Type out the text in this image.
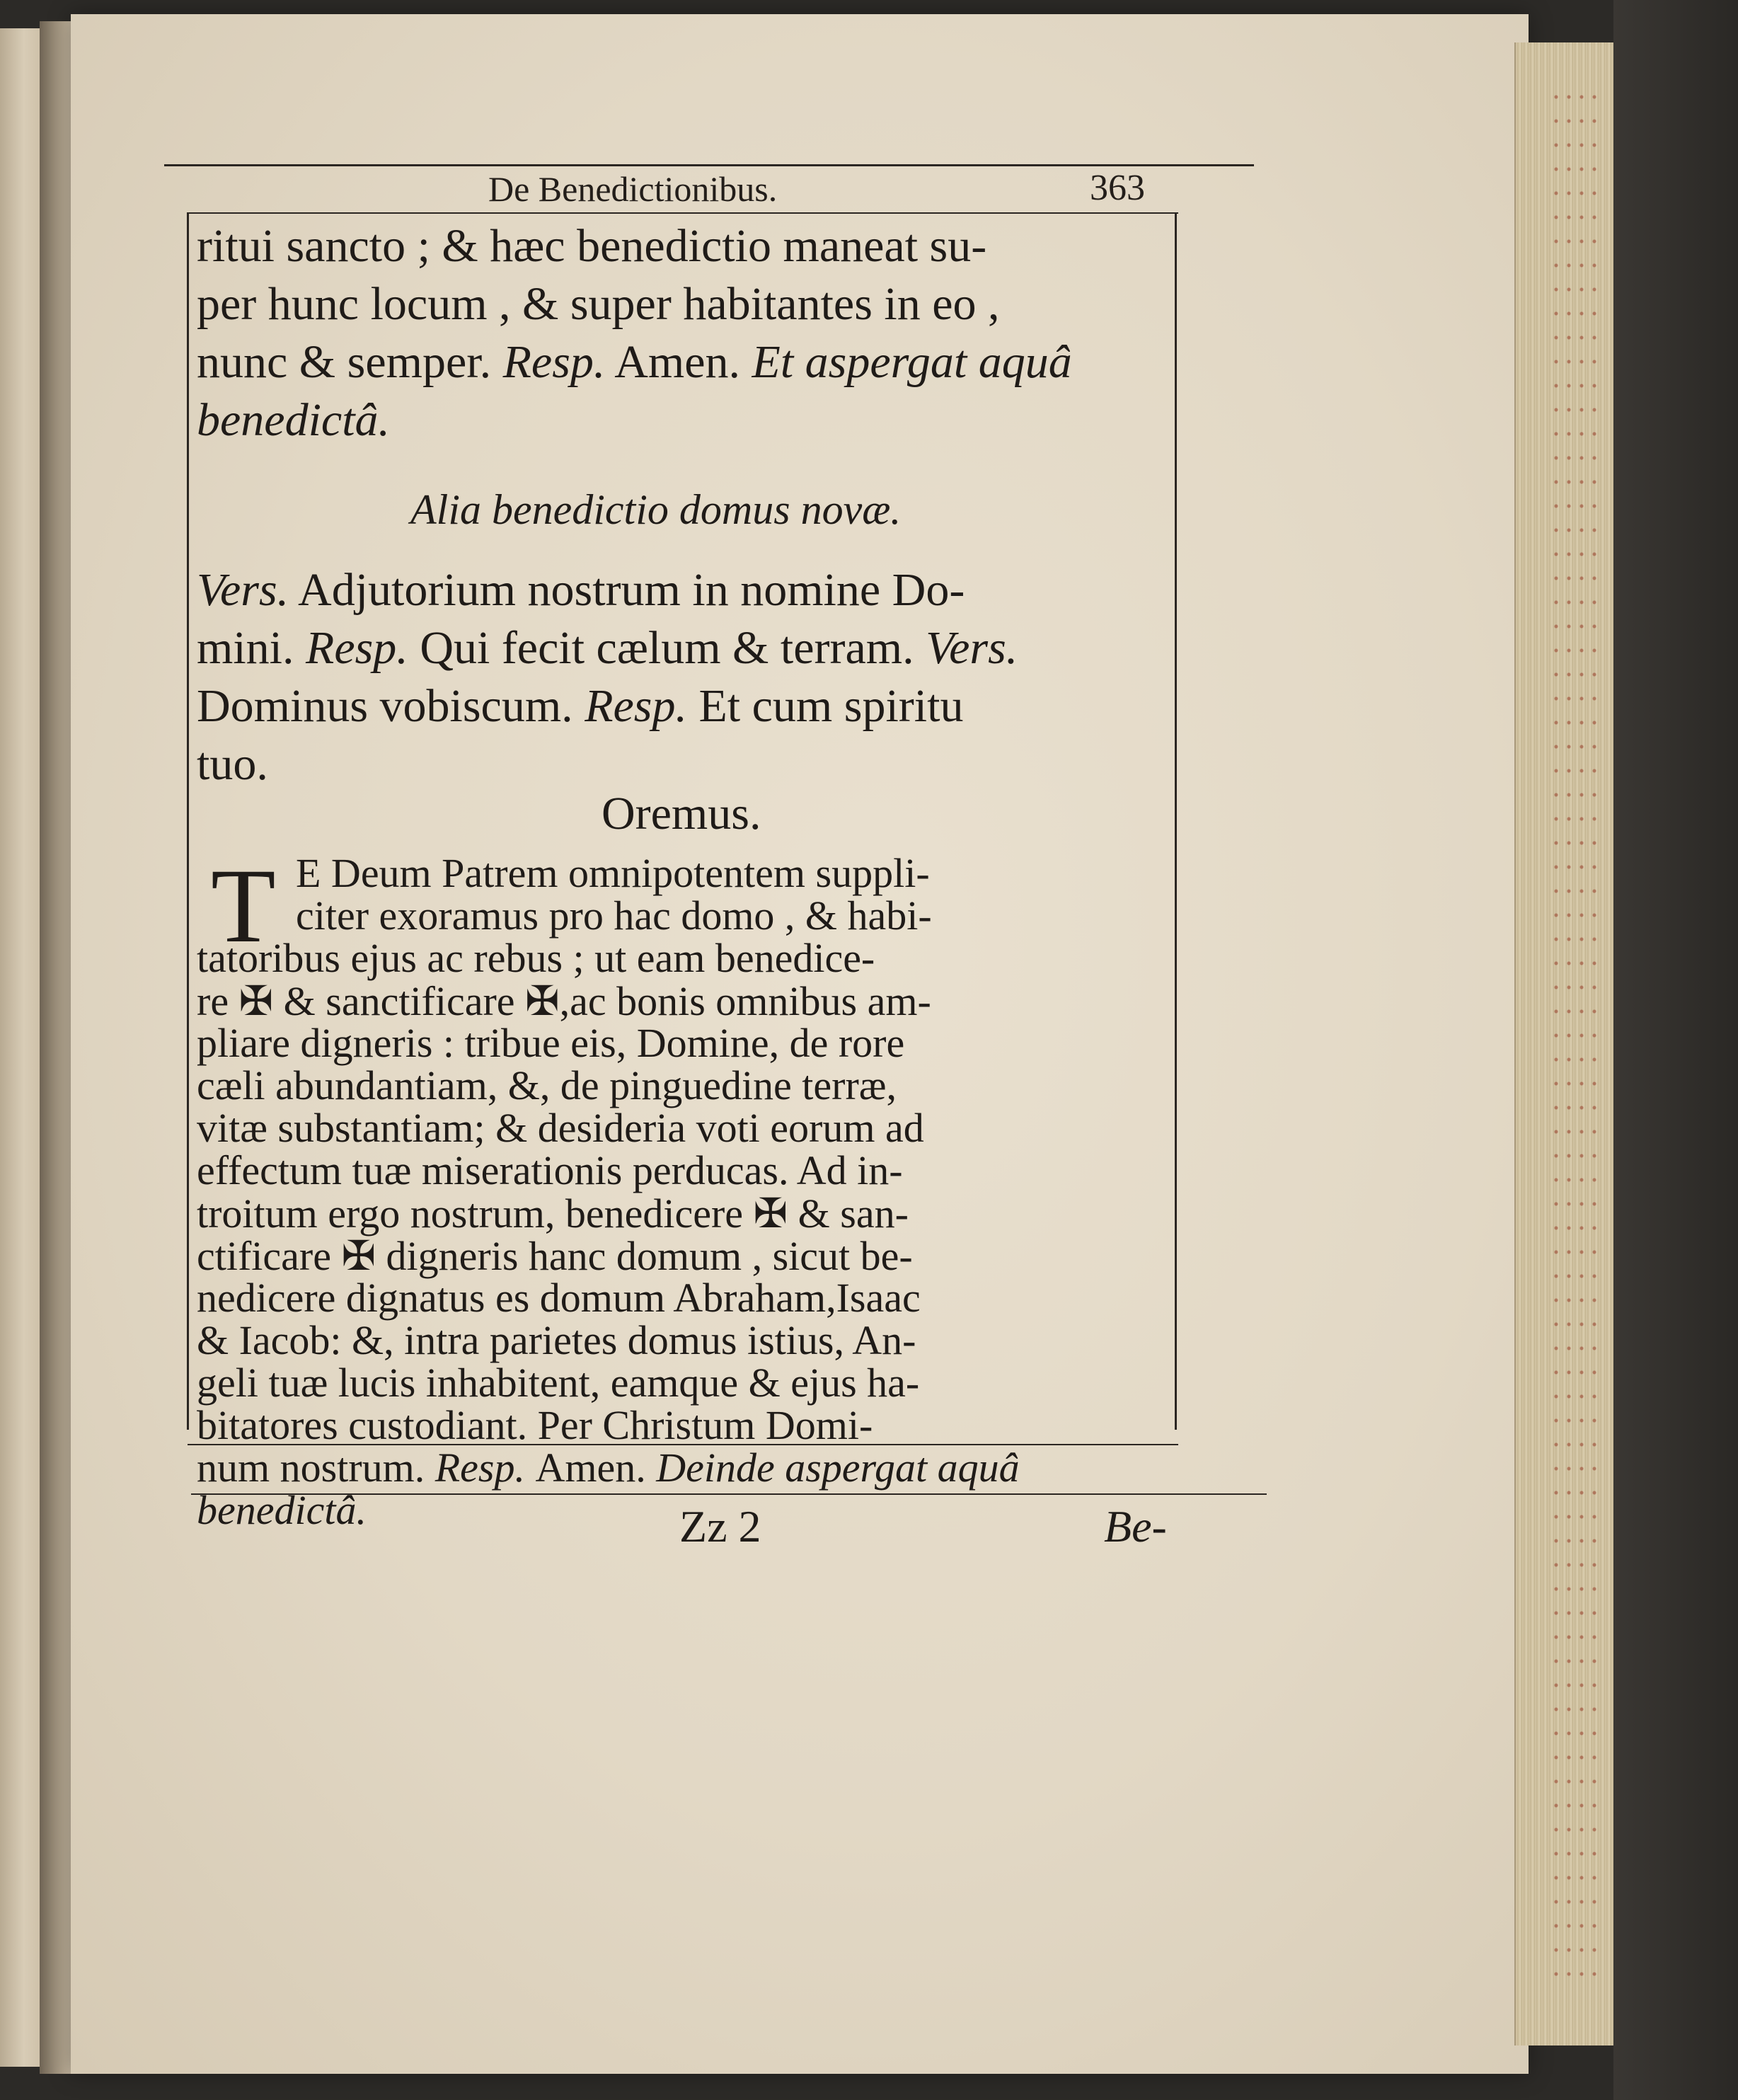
De Benedictionibus.	363
ritui sancto ; & hæc benedictio maneat su-
per hunc locum , & super habitantes in eo ,
nunc & semper. Resp. Amen. Et aspergat aquâ
benedictâ.
Alia benedictio domus novæ.
Vers. Adjutorium nostrum in nomine Do-
mini. Resp. Qui fecit cælum & terram. Vers.
Dominus vobiscum. Resp. Et cum spiritu
tuo.
Oremus.
T
Zz 2	Be-
E Deum Patrem omnipotentem suppli-
citer exoramus pro hac domo , & habi-
tatoribus ejus ac rebus ; ut eam benedice-
re ✠ & sanctificare ✠,ac bonis omnibus am-
pliare digneris : tribue eis, Domine, de rore
cæli abundantiam, &, de pinguedine terræ,
vitæ substantiam; & desideria voti eorum ad
effectum tuæ miserationis perducas. Ad in-
troitum ergo nostrum, benedicere ✠ & san-
ctificare ✠ digneris hanc domum , sicut be-
nedicere dignatus es domum Abraham,Isaac
& Iacob: &, intra parietes domus istius, An-
geli tuæ lucis inhabitent, eamque & ejus ha-
bitatores custodiant. Per Christum Domi-
num nostrum. Resp. Amen. Deinde aspergat aquâ
benedictâ.
